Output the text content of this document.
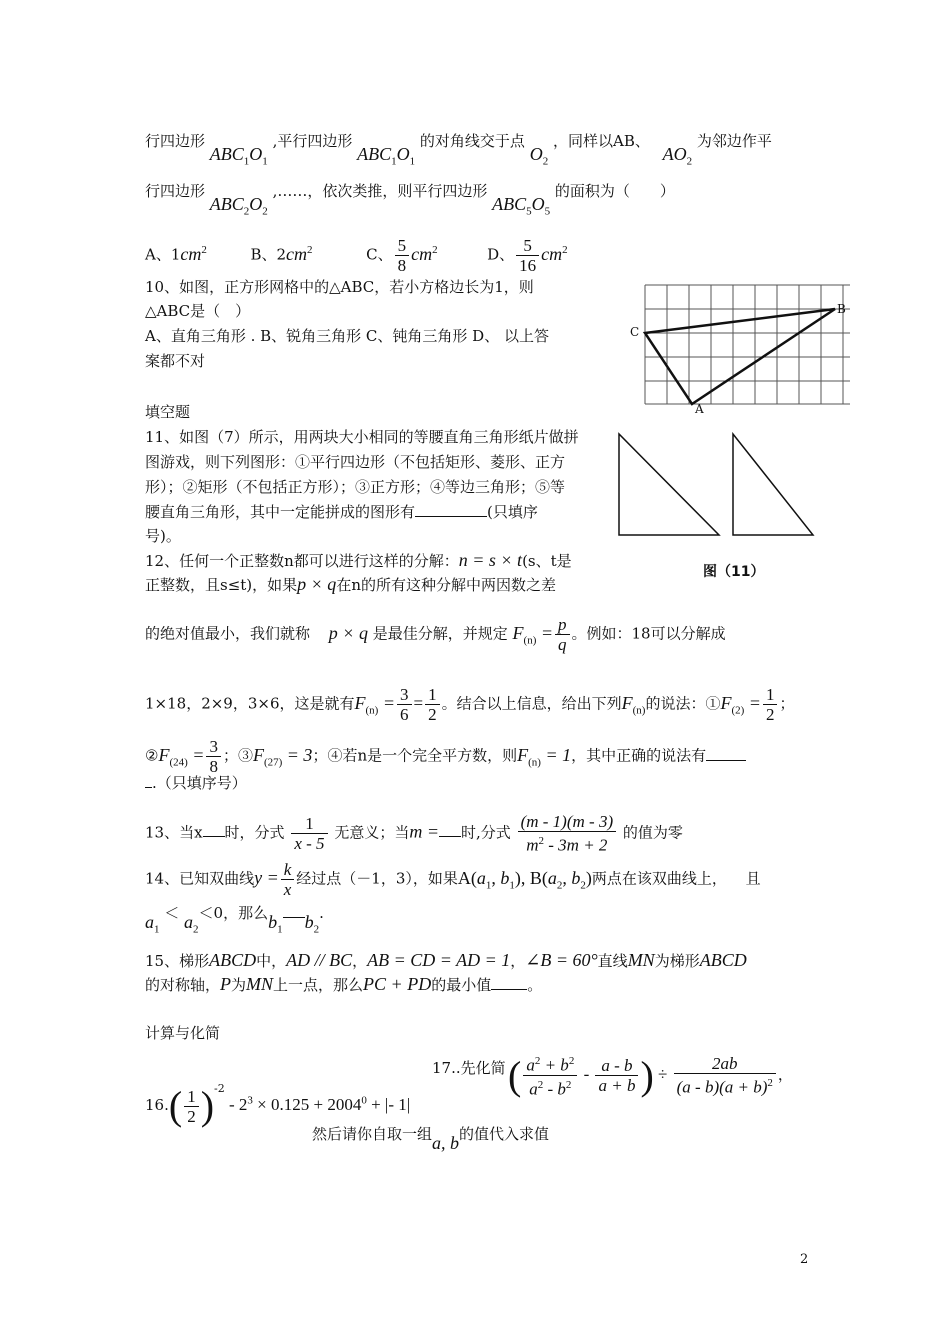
行四边形 $ABC_1O_1$ ,平行四边形 $ABC_1O_1$ 的对角线交于点 $O_2$ ，同样以AB、 $AO_2$ 为邻边作平
行四边形 $ABC_2O_2$ ,……，依次类推，则平行四边形 $ABC_5O_5$ 的面积为（　　）
A、$1cm^2$	B、$2cm^2$	C、 $\frac{5}{8} cm^2$	D、 $\frac{5}{16} cm^2$
10、如图，正方形网格中的△ABC，若小方格边长为1，则
△ABC是（　）
A、直角三角形 . B、锐角三角形 C、钝角三角形 D、 以上答
案都不对
C
B
A
填空题
11、如图（7）所示，用两块大小相同的等腰直角三角形纸片做拼
图游戏，则下列图形：①平行四边形（不包括矩形、菱形、正方
形）；②矩形（不包括正方形）；③正方形；④等边三角形；⑤等
腰直角三角形，其中一定能拼成的图形有	(只填序
号)。
图（11）
12、任何一个正整数n都可以进行这样的分解：n = s × t(s、t是
正整数，且s≤t)，如果p × q在n的所有这种分解中两因数之差
的绝对值最小，我们就称 p × q 是最佳分解，并规定 $F_{(n)} = \frac{p}{q}$ 。例如：18可以分解成
1×18，2×9，3×6，这是就有$F_{(n)} = \frac{3}{6} = \frac{1}{2}$ 。结合以上信息，给出下列$F_{(n)}$的说法：$①F_{(2)} = \frac{1}{2}$ ；
$②F_{(24)} = \frac{3}{8}$ ；$③F_{(27)} = 3$；④若n是一个完全平方数，则$F_{(n)} = 1$，其中正确的说法有
.（只填序号）
13、当x 时，分式 $\frac{1}{x - 5}$ 无意义；当m = 时,分式 $\frac{(m - 1)(m - 3)}{m^2 - 3m + 2}$ 的值为零
14、已知双曲线$y = \frac{k}{x}$ 经过点（－1，3），如果$A(a_1$, $b_1$), $B(a_2$, $b_2$)两点在该双曲线上， 且
$a_1 < a_2<0$，那么$b_1$ $b_2$.
15、梯形ABCD中，AD // BC，AB = CD = AD = 1，∠B = 60°直线MN为梯形ABCD
的对称轴，P为MN上一点，那么PC + PD的最小值 。
计算与化简
$16.( \frac{1}{2} )^{-2} - 2^3 \times 0.125 + 2004^0$ + |- 1|
17..先化简 ( $\frac{a^2 + b^2}{a^2 - b^2} - \frac{a - b}{a + b}$ ) ÷ $\frac{2ab}{(a - b)(a + b)^2}$ ，
然后请你自取一组a, b的值代入求值
2
